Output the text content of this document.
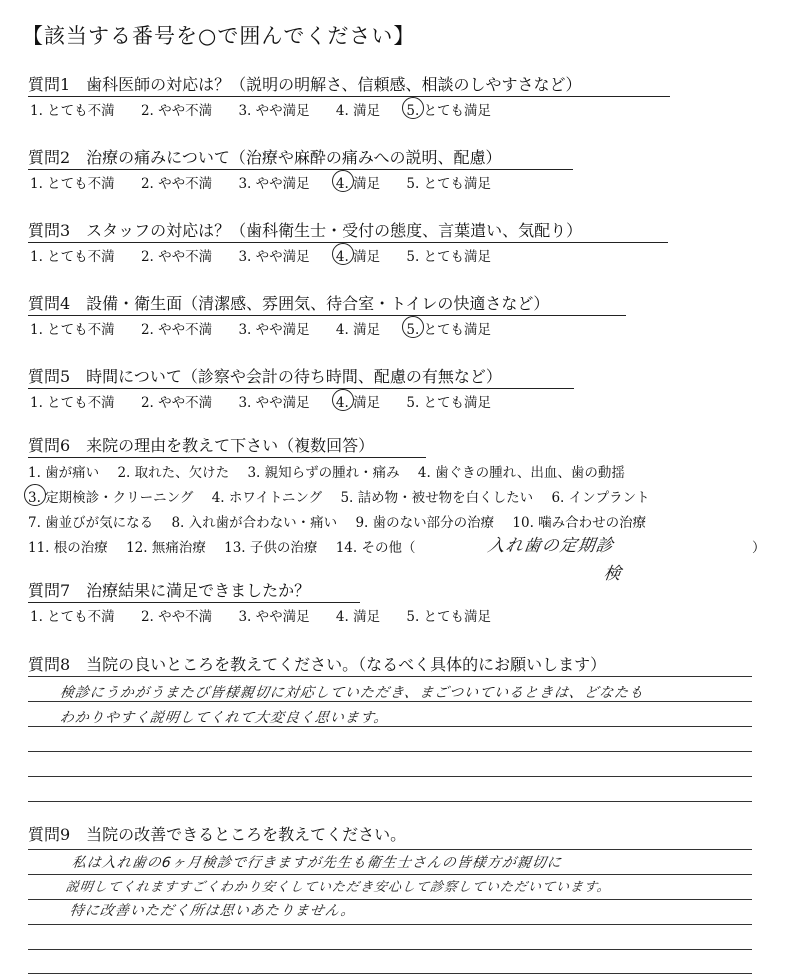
【該当する番号を○で囲んでください】
質問1　歯科医師の対応は？（説明の明解さ、信頼感、相談のしやすさなど）
1. とても不満 2. やや不満 3. やや満足 4. 満足 5. とても満足
質問2　治療の痛みについて（治療や麻酔の痛みへの説明、配慮）
1. とても不満 2. やや不満 3. やや満足 4. 満足 5. とても満足
質問3　スタッフの対応は？（歯科衛生士・受付の態度、言葉遣い、気配り）
1. とても不満 2. やや不満 3. やや満足 4. 満足 5. とても満足
質問4　設備・衛生面（清潔感、雰囲気、待合室・トイレの快適さなど）
1. とても不満 2. やや不満 3. やや満足 4. 満足 5. とても満足
質問5　時間について（診察や会計の待ち時間、配慮の有無など）
1. とても不満 2. やや不満 3. やや満足 4. 満足 5. とても満足
質問6　来院の理由を教えて下さい（複数回答）
1. 歯が痛い 2. 取れた、欠けた 3. 親知らずの腫れ・痛み 4. 歯ぐきの腫れ、出血、歯の動揺
3. 定期検診・クリーニング 4. ホワイトニング 5. 詰め物・被せ物を白くしたい 6. インプラント
7. 歯並びが気になる 8. 入れ歯が合わない・痛い 9. 歯のない部分の治療 10. 噛み合わせの治療
11. 根の治療 12. 無痛治療 13. 子供の治療 14. その他（	入れ歯の定期診
検
）
質問7　治療結果に満足できましたか？
1. とても不満 2. やや不満 3. やや満足 4. 満足 5. とても満足
質問8　当院の良いところを教えてください。（なるべく具体的にお願いします）
検診にうかがうまたび皆様親切に対応していただき、まごついているときは、どなたも
わかりやすく説明してくれて大変良く思います。
質問9　当院の改善できるところを教えてください。
私は入れ歯の6ヶ月検診で行きますが先生も衛生士さんの皆様方が親切に
説明してくれますすごくわかり安くしていただき安心して診察していただいています。
特に改善いただく所は思いあたりません。
